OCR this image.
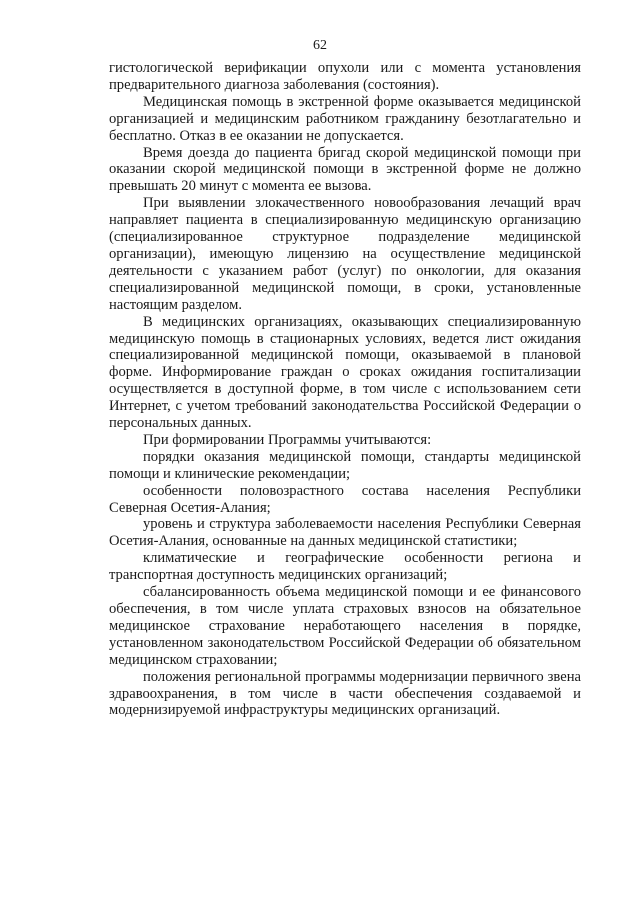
62

гистологической верификации опухоли или с момента установления предварительного диагноза заболевания (состояния).

Медицинская помощь в экстренной форме оказывается медицинской организацией и медицинским работником гражданину безотлагательно и бесплатно. Отказ в ее оказании не допускается.

Время доезда до пациента бригад скорой медицинской помощи при оказании скорой медицинской помощи в экстренной форме не должно превышать 20 минут с момента ее вызова.

При выявлении злокачественного новообразования лечащий врач направляет пациента в специализированную медицинскую организацию (специализированное структурное подразделение медицинской организации), имеющую лицензию на осуществление медицинской деятельности с указанием работ (услуг) по онкологии, для оказания специализированной медицинской помощи, в сроки, установленные настоящим разделом.

В медицинских организациях, оказывающих специализированную медицинскую помощь в стационарных условиях, ведется лист ожидания специализированной медицинской помощи, оказываемой в плановой форме. Информирование граждан о сроках ожидания госпитализации осуществляется в доступной форме, в том числе с использованием сети Интернет, с учетом требований законодательства Российской Федерации о персональных данных.

При формировании Программы учитываются:

порядки оказания медицинской помощи, стандарты медицинской помощи и клинические рекомендации;

особенности половозрастного состава населения Республики Северная Осетия-Алания;

уровень и структура заболеваемости населения Республики Северная Осетия-Алания, основанные на данных медицинской статистики;

климатические и географические особенности региона и транспортная доступность медицинских организаций;

сбалансированность объема медицинской помощи и ее финансового обеспечения, в том числе уплата страховых взносов на обязательное медицинское страхование неработающего населения в порядке, установленном законодательством Российской Федерации об обязательном медицинском страховании;

положения региональной программы модернизации первичного звена здравоохранения, в том числе в части обеспечения создаваемой и модернизируемой инфраструктуры медицинских организаций.
